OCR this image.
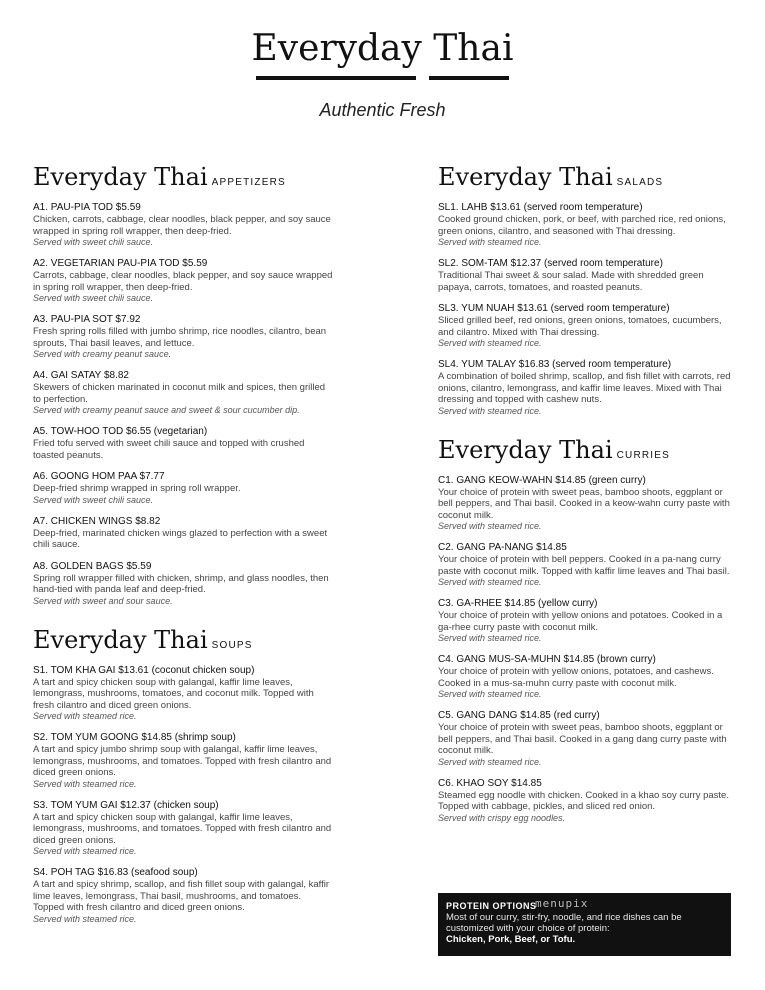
Everyday Thai
Authentic Fresh
Everyday Thai APPETIZERS
A1. PAU-PIA TOD $5.59
Chicken, carrots, cabbage, clear noodles, black pepper, and soy sauce wrapped in spring roll wrapper, then deep-fried.
Served with sweet chili sauce.
A2. VEGETARIAN PAU-PIA TOD $5.59
Carrots, cabbage, clear noodles, black pepper, and soy sauce wrapped in spring roll wrapper, then deep-fried.
Served with sweet chili sauce.
A3. PAU-PIA SOT $7.92
Fresh spring rolls filled with jumbo shrimp, rice noodles, cilantro, bean sprouts, Thai basil leaves, and lettuce.
Served with creamy peanut sauce.
A4. GAI SATAY $8.82
Skewers of chicken marinated in coconut milk and spices, then grilled to perfection.
Served with creamy peanut sauce and sweet & sour cucumber dip.
A5. TOW-HOO TOD $6.55 (vegetarian)
Fried tofu served with sweet chili sauce and topped with crushed toasted peanuts.
A6. GOONG HOM PAA $7.77
Deep-fried shrimp wrapped in spring roll wrapper.
Served with sweet chili sauce.
A7. CHICKEN WINGS $8.82
Deep-fried, marinated chicken wings glazed to perfection with a sweet chili sauce.
A8. GOLDEN BAGS $5.59
Spring roll wrapper filled with chicken, shrimp, and glass noodles, then hand-tied with panda leaf and deep-fried.
Served with sweet and sour sauce.
Everyday Thai SOUPS
S1. TOM KHA GAI $13.61 (coconut chicken soup)
A tart and spicy chicken soup with galangal, kaffir lime leaves, lemongrass, mushrooms, tomatoes, and coconut milk. Topped with fresh cilantro and diced green onions.
Served with steamed rice.
S2. TOM YUM GOONG $14.85 (shrimp soup)
A tart and spicy jumbo shrimp soup with galangal, kaffir lime leaves, lemongrass, mushrooms, and tomatoes. Topped with fresh cilantro and diced green onions.
Served with steamed rice.
S3. TOM YUM GAI $12.37 (chicken soup)
A tart and spicy chicken soup with galangal, kaffir lime leaves, lemongrass, mushrooms, and tomatoes. Topped with fresh cilantro and diced green onions.
Served with steamed rice.
S4. POH TAG $16.83 (seafood soup)
A tart and spicy shrimp, scallop, and fish fillet soup with galangal, kaffir lime leaves, lemongrass, Thai basil, mushrooms, and tomatoes. Topped with fresh cilantro and diced green onions.
Served with steamed rice.
Everyday Thai SALADS
SL1. LAHB $13.61 (served room temperature)
Cooked ground chicken, pork, or beef, with parched rice, red onions, green onions, cilantro, and seasoned with Thai dressing.
Served with steamed rice.
SL2. SOM-TAM $12.37 (served room temperature)
Traditional Thai sweet & sour salad. Made with shredded green papaya, carrots, tomatoes, and roasted peanuts.
SL3. YUM NUAH $13.61 (served room temperature)
Sliced grilled beef, red onions, green onions, tomatoes, cucumbers, and cilantro. Mixed with Thai dressing.
Served with steamed rice.
SL4. YUM TALAY $16.83 (served room temperature)
A combination of boiled shrimp, scallop, and fish fillet with carrots, red onions, cilantro, lemongrass, and kaffir lime leaves. Mixed with Thai dressing and topped with cashew nuts.
Served with steamed rice.
Everyday Thai CURRIES
C1. GANG KEOW-WAHN $14.85 (green curry)
Your choice of protein with sweet peas, bamboo shoots, eggplant or bell peppers, and Thai basil. Cooked in a keow-wahn curry paste with coconut milk.
Served with steamed rice.
C2. GANG PA-NANG $14.85
Your choice of protein with bell peppers. Cooked in a pa-nang curry paste with coconut milk. Topped with kaffir lime leaves and Thai basil.
Served with steamed rice.
C3. GA-RHEE $14.85 (yellow curry)
Your choice of protein with yellow onions and potatoes. Cooked in a ga-rhee curry paste with coconut milk.
Served with steamed rice.
C4. GANG MUS-SA-MUHN $14.85 (brown curry)
Your choice of protein with yellow onions, potatoes, and cashews. Cooked in a mus-sa-muhn curry paste with coconut milk.
Served with steamed rice.
C5. GANG DANG $14.85 (red curry)
Your choice of protein with sweet peas, bamboo shoots, eggplant or bell peppers, and Thai basil. Cooked in a gang dang curry paste with coconut milk.
Served with steamed rice.
C6. KHAO SOY $14.85
Steamed egg noodle with chicken. Cooked in a khao soy curry paste. Topped with cabbage, pickles, and sliced red onion.
Served with crispy egg noodles.
PROTEIN OPTIONS
Most of our curry, stir-fry, noodle, and rice dishes can be customized with your choice of protein:
Chicken, Pork, Beef, or Tofu.
menupix
